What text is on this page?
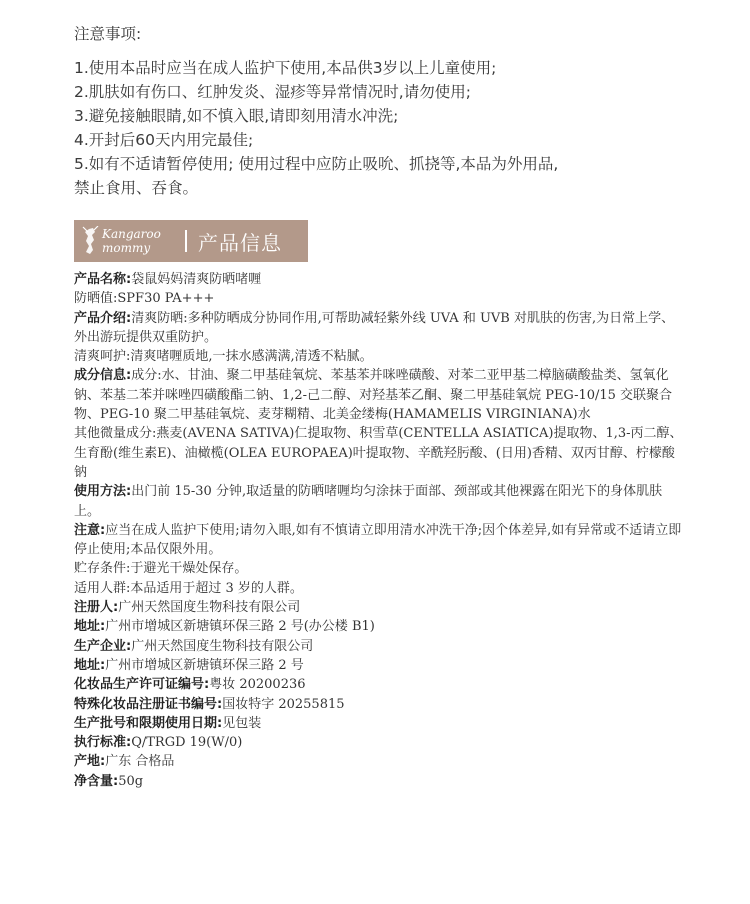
注意事项:
1.使用本品时应当在成人监护下使用,本品供3岁以上儿童使用;
2.肌肤如有伤口、红肿发炎、湿疹等异常情况时,请勿使用;
3.避免接触眼睛,如不慎入眼,请即刻用清水冲洗;
4.开封后60天内用完最佳;
5.如有不适请暂停使用; 使用过程中应防止吸吮、抓挠等,本品为外用品,
禁止食用、吞食。
Kangaroo
mommy 产品信息
产品名称:袋鼠妈妈清爽防晒啫喱
防晒值:SPF30 PA+++
产品介绍:清爽防晒:多种防晒成分协同作用,可帮助减轻紫外线 UVA 和 UVB 对肌肤的伤害,为日常上学、外出游玩提供双重防护。
清爽呵护:清爽啫喱质地,一抹水感满满,清透不粘腻。
成分信息:成分:水、甘油、聚二甲基硅氧烷、苯基苯并咪唑磺酸、对苯二亚甲基二樟脑磺酸盐类、氢氧化钠、苯基二苯并咪唑四磺酸酯二钠、1,2-己二醇、对羟基苯乙酮、聚二甲基硅氧烷 PEG-10/15 交联聚合物、PEG-10 聚二甲基硅氧烷、麦芽糊精、北美金缕梅(HAMAMELIS VIRGINIANA)水
其他微量成分:燕麦(AVENA SATIVA)仁提取物、积雪草(CENTELLA ASIATICA)提取物、1,3-丙二醇、生育酚(维生素E)、油橄榄(OLEA EUROPAEA)叶提取物、辛酰羟肟酸、(日用)香精、双丙甘醇、柠檬酸钠
使用方法:出门前 15-30 分钟,取适量的防晒啫喱均匀涂抹于面部、颈部或其他裸露在阳光下的身体肌肤上。
注意:应当在成人监护下使用;请勿入眼,如有不慎请立即用清水冲洗干净;因个体差异,如有异常或不适请立即停止使用;本品仅限外用。
贮存条件:于避光干燥处保存。
适用人群:本品适用于超过 3 岁的人群。
注册人:广州天然国度生物科技有限公司
地址:广州市增城区新塘镇环保三路 2 号(办公楼 B1)
生产企业:广州天然国度生物科技有限公司
地址:广州市增城区新塘镇环保三路 2 号
化妆品生产许可证编号:粤妆 20200236
特殊化妆品注册证书编号:国妆特字 20255815
生产批号和限期使用日期:见包装
执行标准:Q/TRGD 19(W/0)
产地:广东 合格品
净含量:50g
